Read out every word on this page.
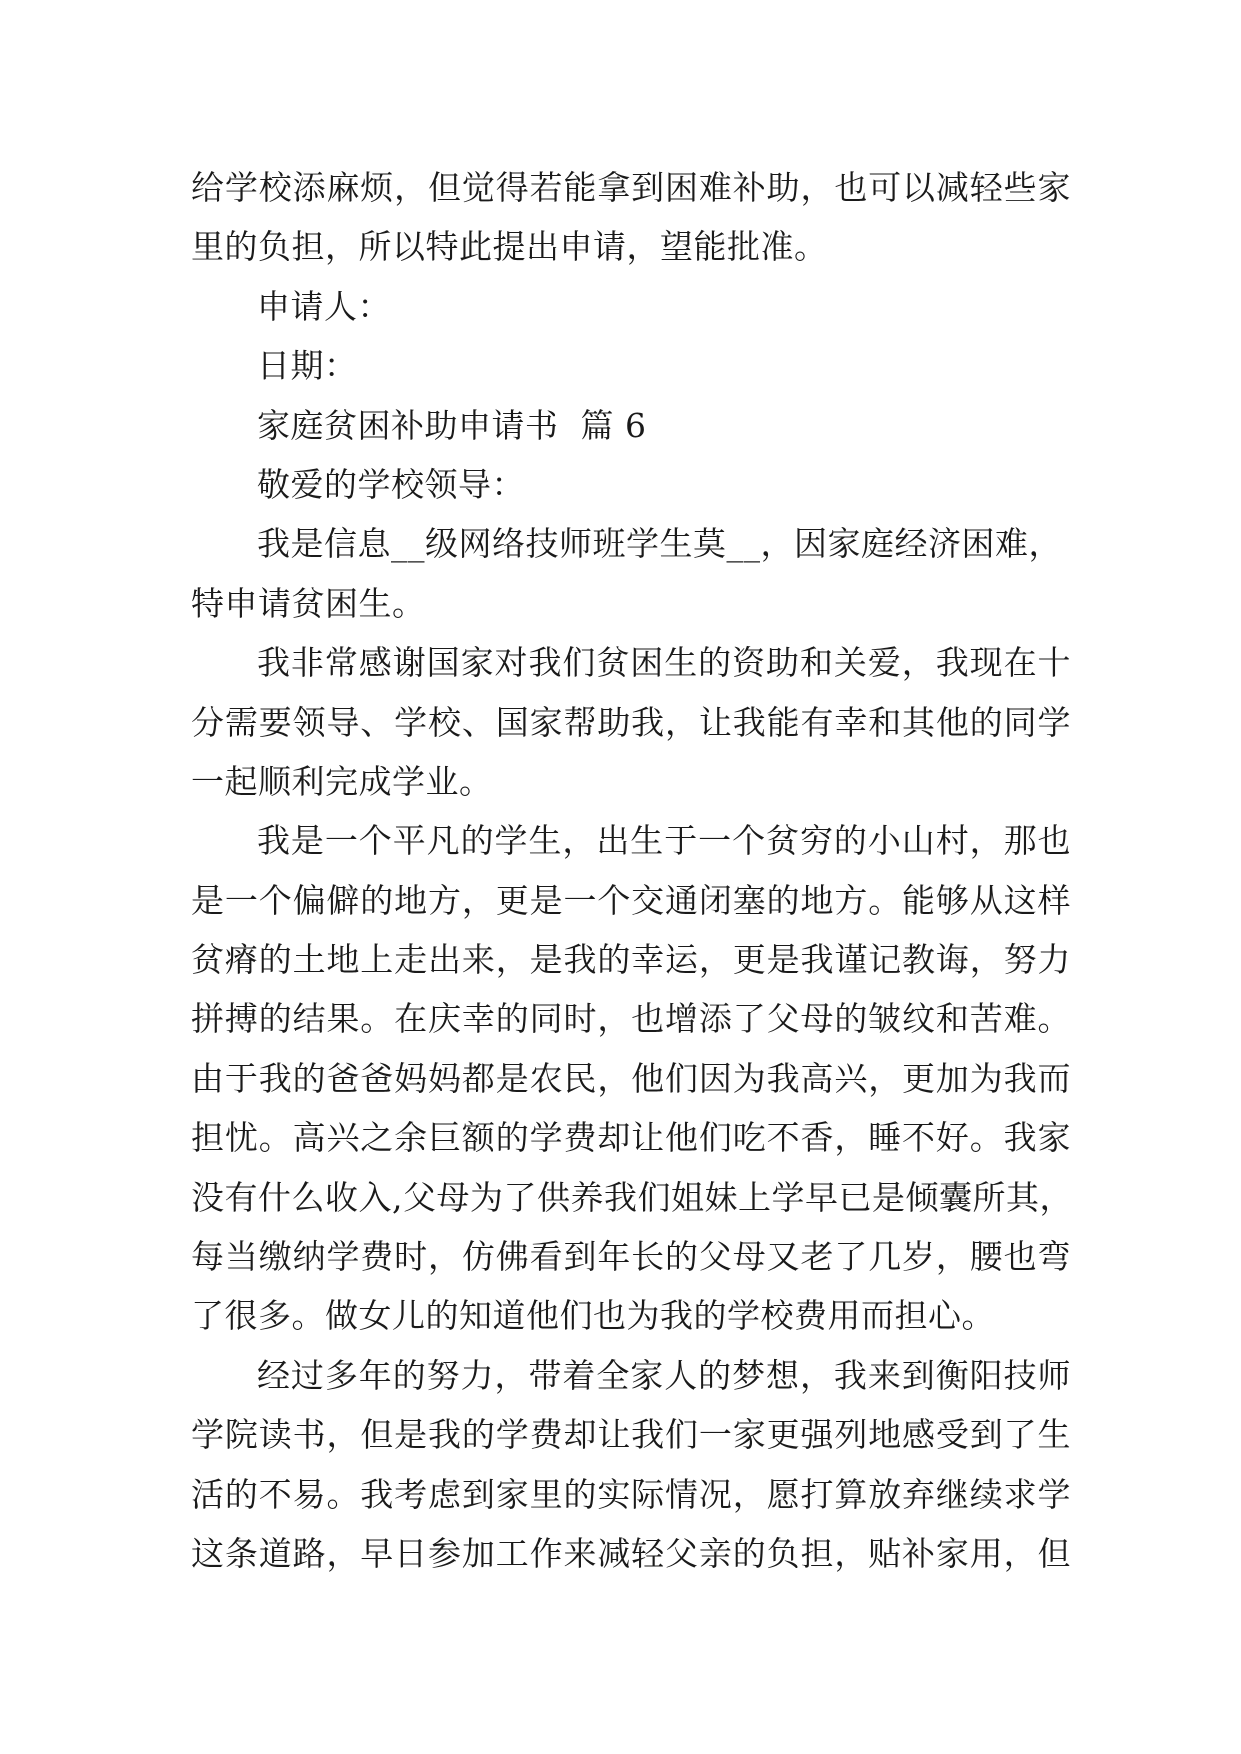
给学校添麻烦，但觉得若能拿到困难补助，也可以减轻些家
里的负担，所以特此提出申请，望能批准。
申请人：
日期：
家庭贫困补助申请书  篇 6
敬爱的学校领导：
我是信息__级网络技师班学生莫__，因家庭经济困难，
特申请贫困生。
我非常感谢国家对我们贫困生的资助和关爱，我现在十
分需要领导、学校、国家帮助我，让我能有幸和其他的同学
一起顺利完成学业。
我是一个平凡的学生，出生于一个贫穷的小山村，那也
是一个偏僻的地方，更是一个交通闭塞的地方。能够从这样
贫瘠的土地上走出来，是我的幸运，更是我谨记教诲，努力
拼搏的结果。在庆幸的同时，也增添了父母的皱纹和苦难。
由于我的爸爸妈妈都是农民，他们因为我高兴，更加为我而
担忧。高兴之余巨额的学费却让他们吃不香，睡不好。我家
没有什么收入,父母为了供养我们姐妹上学早已是倾囊所其，
每当缴纳学费时，仿佛看到年长的父母又老了几岁，腰也弯
了很多。做女儿的知道他们也为我的学校费用而担心。
经过多年的努力，带着全家人的梦想，我来到衡阳技师
学院读书，但是我的学费却让我们一家更强列地感受到了生
活的不易。我考虑到家里的实际情况，愿打算放弃继续求学
这条道路，早日参加工作来减轻父亲的负担，贴补家用，但
